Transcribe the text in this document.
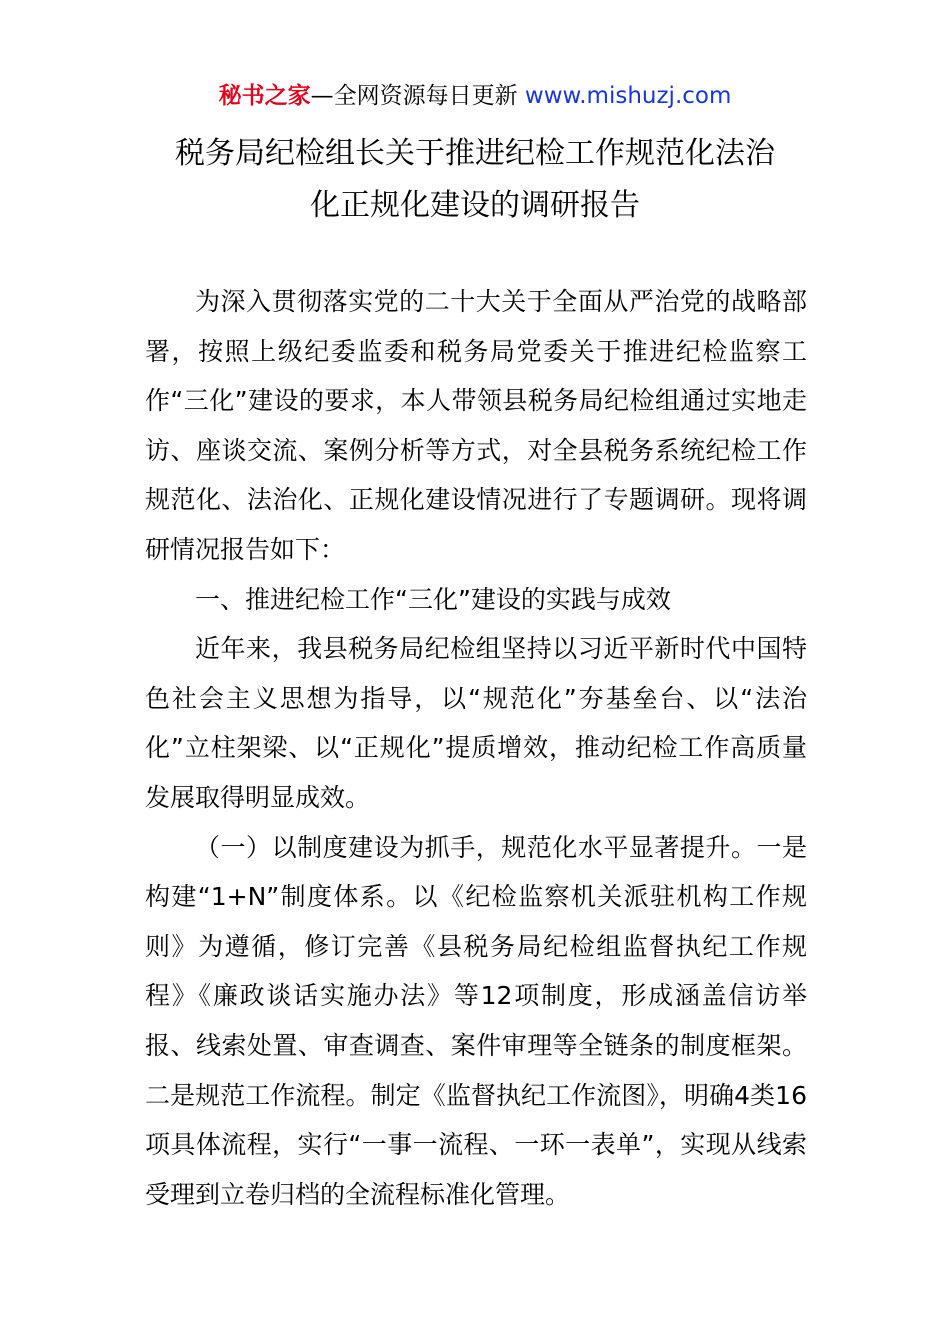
秘书之家—全网资源每日更新 www.mishuzj.com
税务局纪检组长关于推进纪检工作规范化法治
化正规化建设的调研报告

为深入贯彻落实党的二十大关于全面从严治党的战略部署，按照上级纪委监委和税务局党委关于推进纪检监察工作“三化”建设的要求，本人带领县税务局纪检组通过实地走访、座谈交流、案例分析等方式，对全县税务系统纪检工作规范化、法治化、正规化建设情况进行了专题调研。现将调研情况报告如下：

一、推进纪检工作“三化”建设的实践与成效

近年来，我县税务局纪检组坚持以习近平新时代中国特色社会主义思想为指导，以“规范化”夯基垒台、以“法治化”立柱架梁、以“正规化”提质增效，推动纪检工作高质量发展取得明显成效。

（一）以制度建设为抓手，规范化水平显著提升。一是构建“1+N”制度体系。以《纪检监察机关派驻机构工作规则》为遵循，修订完善《县税务局纪检组监督执纪工作规程》《廉政谈话实施办法》等12项制度，形成涵盖信访举报、线索处置、审查调查、案件审理等全链条的制度框架。二是规范工作流程。制定《监督执纪工作流图》，明确4类16项具体流程，实行“一事一流程、一环一表单”，实现从线索受理到立卷归档的全流程标准化管理。
